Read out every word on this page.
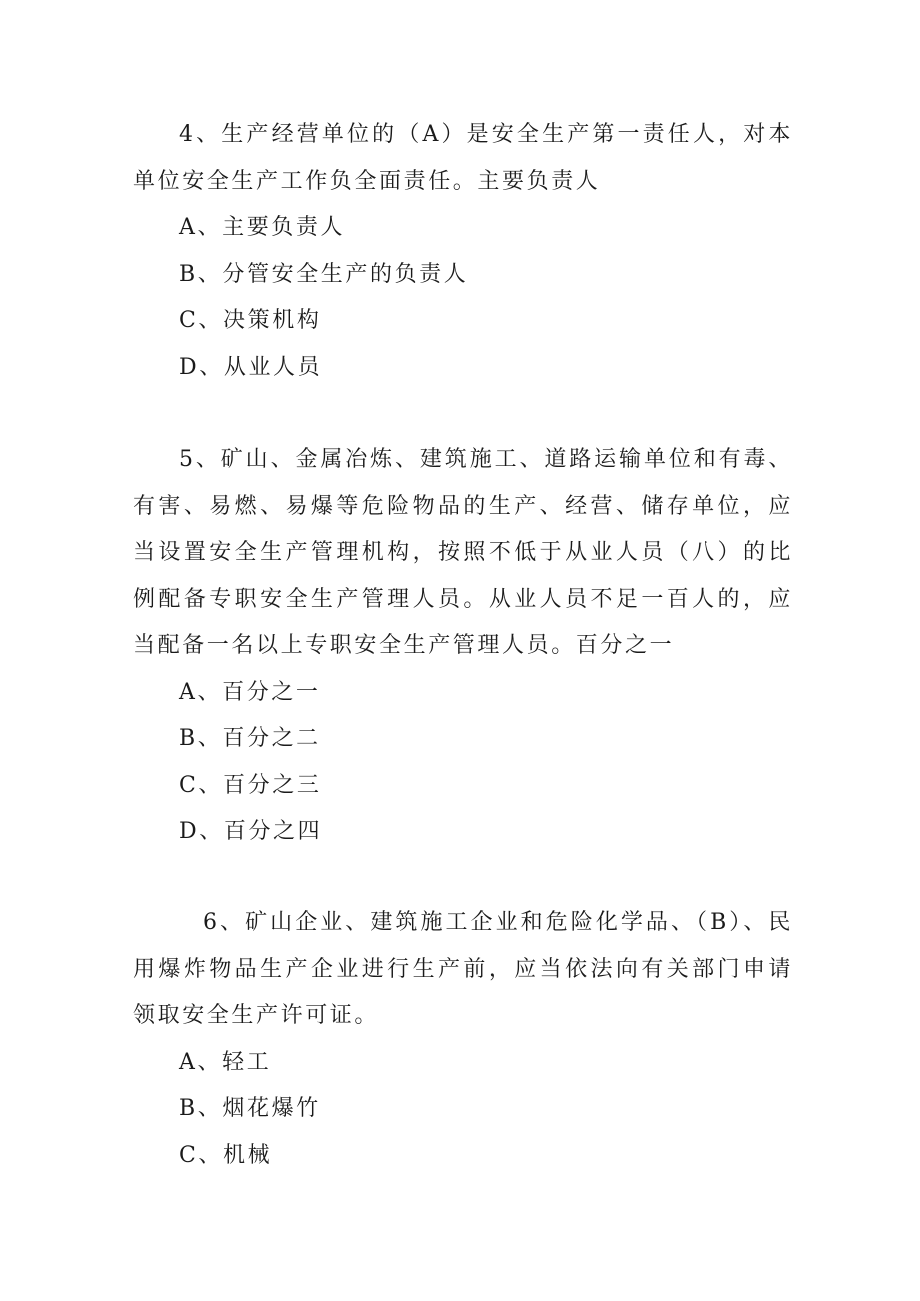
4、生产经营单位的（A）是安全生产第一责任人，对本单位安全生产工作负全面责任。主要负责人

A、主要负责人
B、分管安全生产的负责人
C、决策机构
D、从业人员

5、矿山、金属冶炼、建筑施工、道路运输单位和有毒、有害、易燃、易爆等危险物品的生产、经营、储存单位，应当设置安全生产管理机构，按照不低于从业人员（八）的比例配备专职安全生产管理人员。从业人员不足一百人的，应当配备一名以上专职安全生产管理人员。百分之一

A、百分之一
B、百分之二
C、百分之三
D、百分之四

6、矿山企业、建筑施工企业和危险化学品、（B）、民用爆炸物品生产企业进行生产前，应当依法向有关部门申请领取安全生产许可证。

A、轻工
B、烟花爆竹
C、机械
